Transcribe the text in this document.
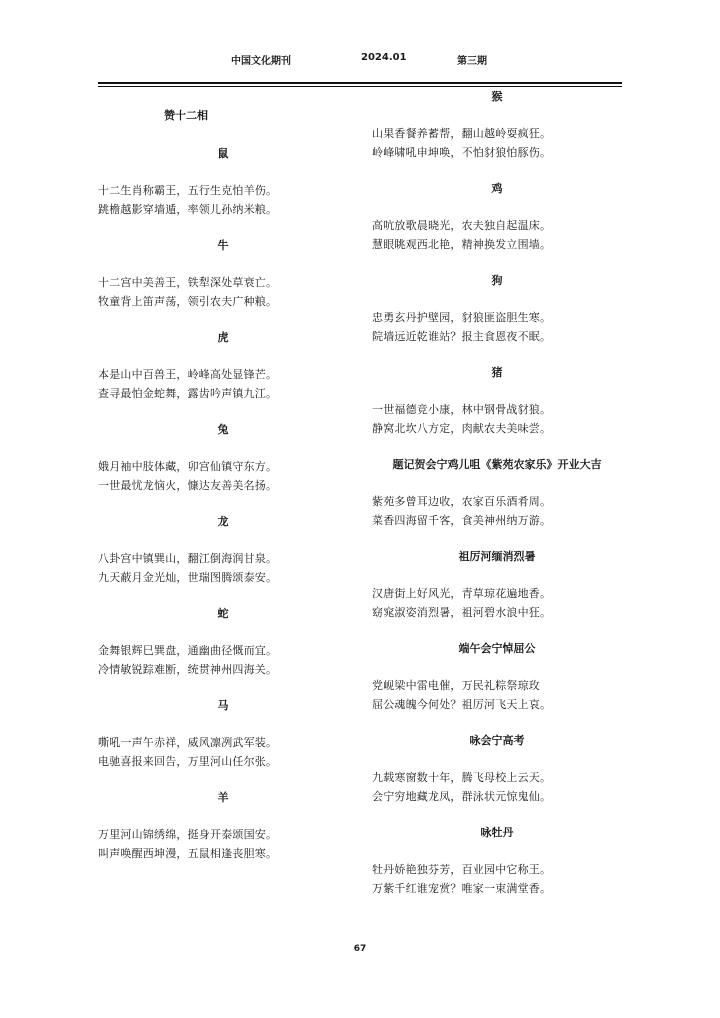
中国文化期刊	2024.01	第三期
赞十二相
鼠
十二生肖称霸王，五行生克怕羊伤。
跳檐越影穿墙遁，率领儿孙纳米粮。
牛
十二宫中美善王，铁犁深处草衰亡。
牧童背上笛声荡，领引农夫广种粮。
虎
本是山中百兽王，岭峰高处显锋芒。
查寻最怕金蛇舞，露齿吟声镇九江。
兔
娥月袖中肢体藏，卯宫仙镇守东方。
一世最忧龙恼火，慷达友善美名扬。
龙
八卦宫中镇巽山，翻江倒海润甘泉。
九天蔽月金光灿，世瑞图腾颂泰安。
蛇
金舞银辉巳巽盘，通幽曲径慨而宜。
冷情敏锐踪难断，统贯神州四海关。
马
嘶吼一声午赤祥，威风凛冽武军装。
电驰喜报来回告，万里河山任尔张。
羊
万里河山锦绣绵，挺身开泰颂国安。
叫声唤醒西坤漫，五鼠相逢丧胆寒。
猴
山果香餐养蓄帮，翻山越岭耍疯狂。
岭峰啸吼申坤唤，不怕豺狼怕豚伤。
鸡
高吭放歌晨晓光，农夫独自起温床。
慧眼眺观西北艳，精神换发立围墙。
狗
忠勇玄丹护壁园，豺狼匪盗胆生寒。
院墙远近乾谁站？报主食恩夜不眠。
猪
一世福德竞小康，林中钢骨战豺狼。
静窝北坎八方定，肉献农夫美味尝。
题记贺会宁鸡儿咀《紫苑农家乐》开业大吉
紫苑多曾耳边收，农家百乐酒肴周。
菜香四海留千客，食美神州纳万游。
祖厉河缅消烈暑
汉唐街上好风光，青草琼花遍地香。
窈窕淑姿消烈暑，祖河碧水浪中狂。
端午会宁悼屈公
党岘梁中雷电催，万民礼粽祭琼玫
屈公魂魄今何处？祖厉河飞天上哀。
咏会宁高考
九载寒窗数十年，腾飞母校上云天。
会宁穷地藏龙凤，群泳状元惊鬼仙。
咏牡丹
牡丹娇艳独芬芳，百业园中它称王。
万紫千红谁宠赏？唯家一束满堂香。
67
